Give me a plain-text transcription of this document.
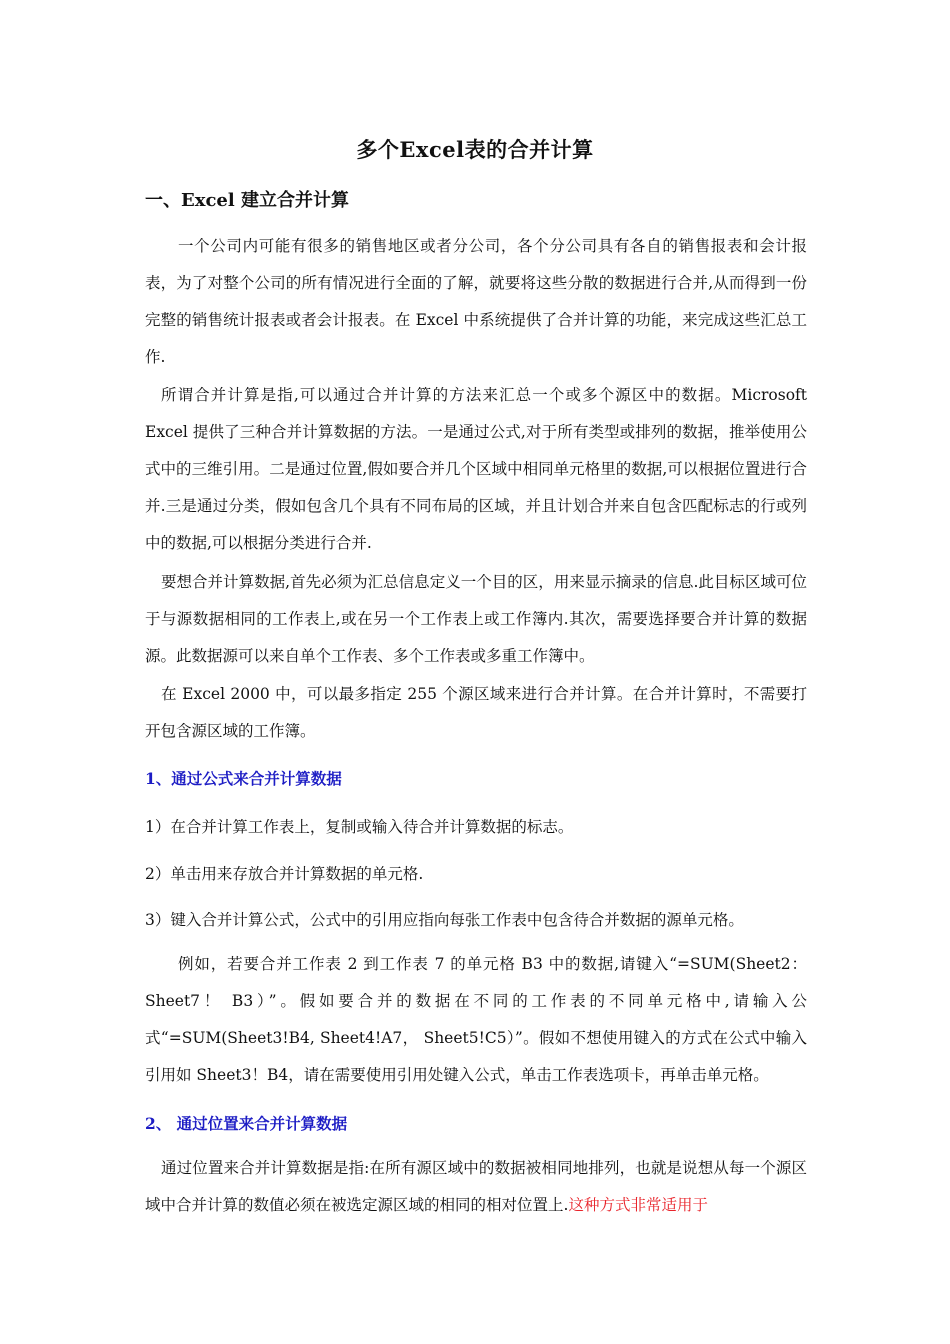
多个Excel表的合并计算
一、Excel 建立合并计算

一个公司内可能有很多的销售地区或者分公司，各个分公司具有各自的销售报表和会计报表，为了对整个公司的所有情况进行全面的了解，就要将这些分散的数据进行合并,从而得到一份完整的销售统计报表或者会计报表。在 Excel 中系统提供了合并计算的功能，来完成这些汇总工作.

所谓合并计算是指,可以通过合并计算的方法来汇总一个或多个源区中的数据。Microsoft Excel 提供了三种合并计算数据的方法。一是通过公式,对于所有类型或排列的数据，推举使用公式中的三维引用。二是通过位置,假如要合并几个区域中相同单元格里的数据,可以根据位置进行合并.三是通过分类，假如包含几个具有不同布局的区域，并且计划合并来自包含匹配标志的行或列中的数据,可以根据分类进行合并.

要想合并计算数据,首先必须为汇总信息定义一个目的区，用来显示摘录的信息.此目标区域可位于与源数据相同的工作表上,或在另一个工作表上或工作簿内.其次，需要选择要合并计算的数据源。此数据源可以来自单个工作表、多个工作表或多重工作簿中。

在 Excel 2000 中，可以最多指定 255 个源区域来进行合并计算。在合并计算时，不需要打开包含源区域的工作簿。

1、通过公式来合并计算数据
1）在合并计算工作表上，复制或输入待合并计算数据的标志。
2）单击用来存放合并计算数据的单元格.
3）键入合并计算公式，公式中的引用应指向每张工作表中包含待合并数据的源单元格。

例如，若要合并工作表 2 到工作表 7 的单元格 B3 中的数据,请键入“=SUM(Sheet2：Sheet7！ B3）”。假如要合并的数据在不同的工作表的不同单元格中,请输入公式“=SUM(Sheet3!B4, Sheet4!A7， Sheet5!C5）”。假如不想使用键入的方式在公式中输入引用如 Sheet3！B4，请在需要使用引用处键入公式，单击工作表选项卡，再单击单元格。

2、 通过位置来合并计算数据

通过位置来合并计算数据是指:在所有源区域中的数据被相同地排列，也就是说想从每一个源区域中合并计算的数值必须在被选定源区域的相同的相对位置上.这种方式非常适用于
